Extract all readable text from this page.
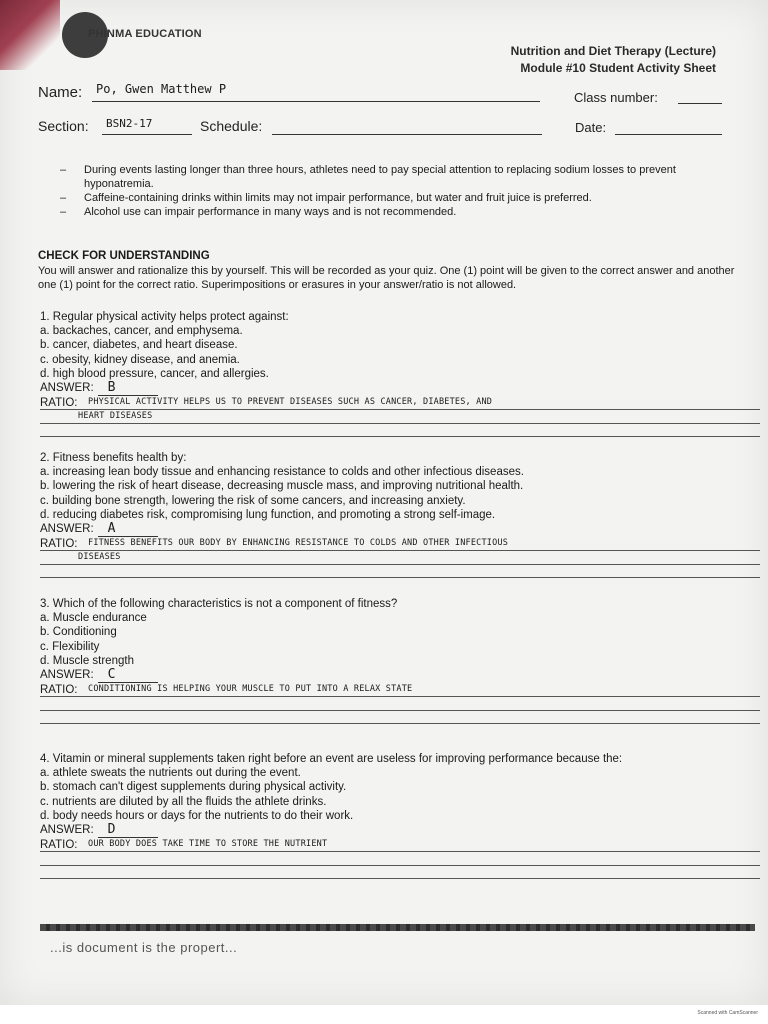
PHINMA EDUCATION
Nutrition and Diet Therapy (Lecture)
Module #10 Student Activity Sheet
Name: Po, Gwen Matthew P
Class number:
Section: BSN2-17	Schedule:	Date:
–	During events lasting longer than three hours, athletes need to pay special attention to replacing sodium losses to prevent hyponatremia.
–	Caffeine-containing drinks within limits may not impair performance, but water and fruit juice is preferred.
–	Alcohol use can impair performance in many ways and is not recommended.
CHECK FOR UNDERSTANDING
You will answer and rationalize this by yourself. This will be recorded as your quiz. One (1) point will be given to the correct answer and another one (1) point for the correct ratio. Superimpositions or erasures in your answer/ratio is not allowed.
1. Regular physical activity helps protect against:
a. backaches, cancer, and emphysema.
b. cancer, diabetes, and heart disease.
c. obesity, kidney disease, and anemia.
d. high blood pressure, cancer, and allergies.
ANSWER:	B
RATIO: PHYSICAL ACTIVITY HELPS US TO PREVENT DISEASES SUCH AS CANCER, DIABETES, AND
HEART DISEASES
2. Fitness benefits health by:
a. increasing lean body tissue and enhancing resistance to colds and other infectious diseases.
b. lowering the risk of heart disease, decreasing muscle mass, and improving nutritional health.
c. building bone strength, lowering the risk of some cancers, and increasing anxiety.
d. reducing diabetes risk, compromising lung function, and promoting a strong self-image.
ANSWER:	A
RATIO: FITNESS BENEFITS OUR BODY BY ENHANCING RESISTANCE TO COLDS AND OTHER INFECTIOUS
DISEASES
3. Which of the following characteristics is not a component of fitness?
a. Muscle endurance
b. Conditioning
c. Flexibility
d. Muscle strength
ANSWER:	C
RATIO: CONDITIONING IS HELPING YOUR MUSCLE TO PUT INTO A RELAX STATE
4. Vitamin or mineral supplements taken right before an event are useless for improving performance because the:
a. athlete sweats the nutrients out during the event.
b. stomach can't digest supplements during physical activity.
c. nutrients are diluted by all the fluids the athlete drinks.
d. body needs hours or days for the nutrients to do their work.
ANSWER:	D
RATIO: OUR BODY DOES TAKE TIME TO STORE THE NUTRIENT
...is document is the propert...
Scanned with CamScanner
